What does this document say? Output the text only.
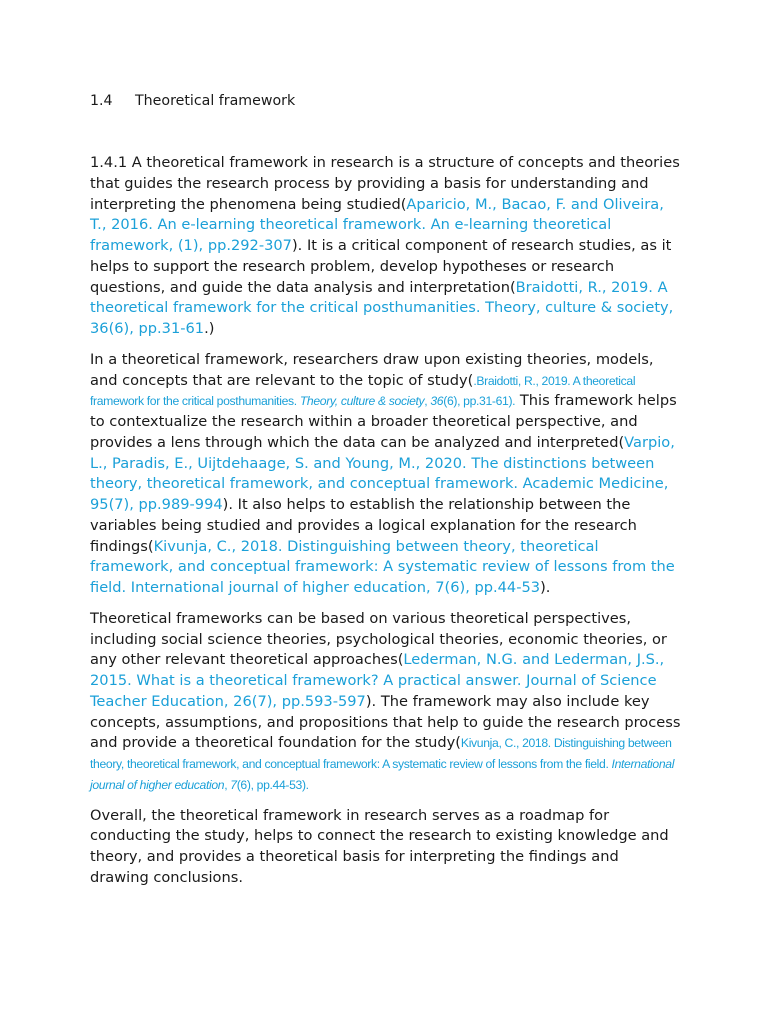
1.4 Theoretical framework

1.4.1 A theoretical framework in research is a structure of concepts and theories that guides the research process by providing a basis for understanding and interpreting the phenomena being studied(Aparicio, M., Bacao, F. and Oliveira, T., 2016. An e-learning theoretical framework. An e-learning theoretical framework, (1), pp.292-307). It is a critical component of research studies, as it helps to support the research problem, develop hypotheses or research questions, and guide the data analysis and interpretation(Braidotti, R., 2019. A theoretical framework for the critical posthumanities. Theory, culture & society, 36(6), pp.31-61.)

In a theoretical framework, researchers draw upon existing theories, models, and concepts that are relevant to the topic of study(.Braidotti, R., 2019. A theoretical framework for the critical posthumanities. Theory, culture & society, 36(6), pp.31-61). This framework helps to contextualize the research within a broader theoretical perspective, and provides a lens through which the data can be analyzed and interpreted(Varpio, L., Paradis, E., Uijtdehaage, S. and Young, M., 2020. The distinctions between theory, theoretical framework, and conceptual framework. Academic Medicine, 95(7), pp.989-994). It also helps to establish the relationship between the variables being studied and provides a logical explanation for the research findings(Kivunja, C., 2018. Distinguishing between theory, theoretical framework, and conceptual framework: A systematic review of lessons from the field. International journal of higher education, 7(6), pp.44-53).

Theoretical frameworks can be based on various theoretical perspectives, including social science theories, psychological theories, economic theories, or any other relevant theoretical approaches(Lederman, N.G. and Lederman, J.S., 2015. What is a theoretical framework? A practical answer. Journal of Science Teacher Education, 26(7), pp.593-597). The framework may also include key concepts, assumptions, and propositions that help to guide the research process and provide a theoretical foundation for the study(Kivunja, C., 2018. Distinguishing between theory, theoretical framework, and conceptual framework: A systematic review of lessons from the field. International journal of higher education, 7(6), pp.44-53).

Overall, the theoretical framework in research serves as a roadmap for conducting the study, helps to connect the research to existing knowledge and theory, and provides a theoretical basis for interpreting the findings and drawing conclusions.
